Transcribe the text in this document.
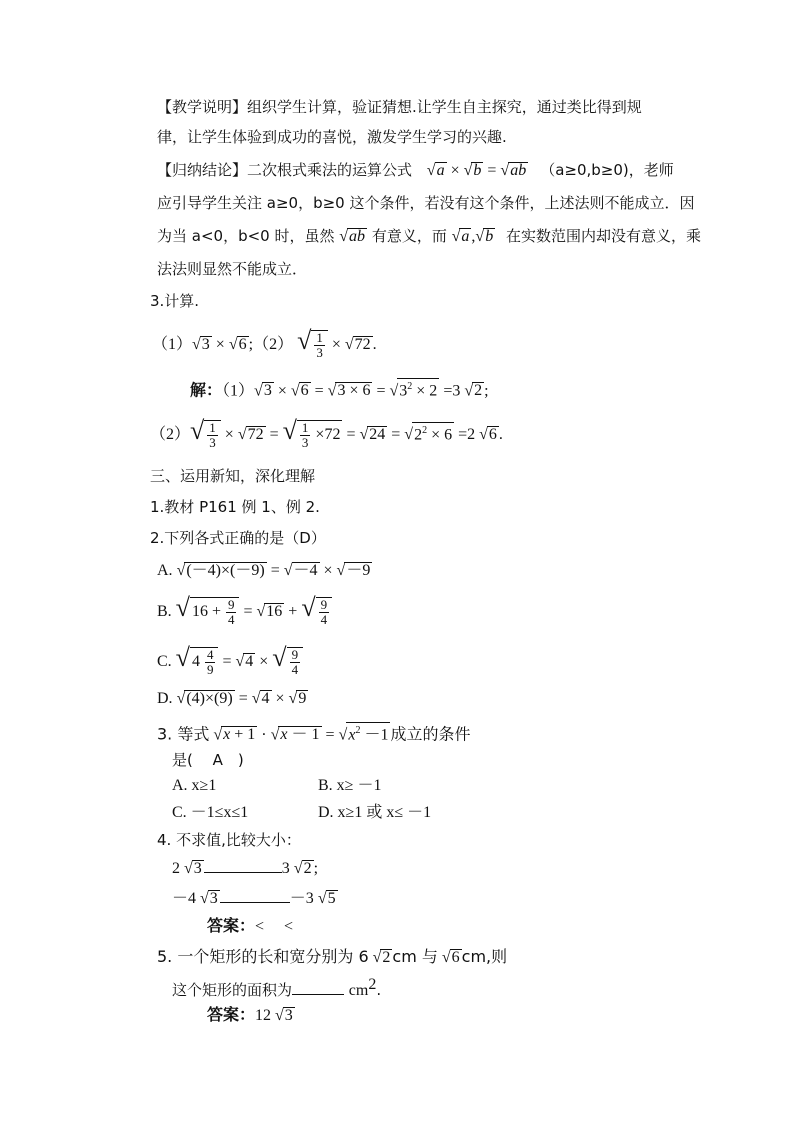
【教学说明】组织学生计算，验证猜想.让学生自主探究，通过类比得到规
律，让学生体验到成功的喜悦，激发学生学习的兴趣.
【归纳结论】二次根式乘法的运算公式 √a × √b = √ab （a≥0,b≥0)，老师
应引导学生关注 a≥0，b≥0 这个条件，若没有这个条件，上述法则不能成立．因
为当 a<0，b<0 时，虽然 √ab 有意义，而 √a ,√b 在实数范围内却没有意义，乘
法法则显然不能成立．
3.计算.
（1）√3 × √6 ;（2） √ $\frac{1}{3} \times √72$ .
解：$(1)√3 \times √6 = √3 \times 6 = √3^2 \times 2 =3$ √2 ;
$(2)√ \frac{1}{3} \times √72$ = √ $\frac{1}{3} \times 72 = √24 = √2^2 \times 6 =2$ √6 .
三、运用新知，深化理解
1.教材 P161 例 1、例 2.
2.下列各式正确的是（D）
A. √(－4)×(－9) = √－4 × √－9
B. √ $16 + \frac{9}{4} = √16$ + √ $\frac{9}{4}$
C. √ $4 \frac{4}{9} = √4$ × √ $\frac{9}{4}$
D. √(4)×(9) = √4 × √9
3. 等式 $√x + 1 \cdot √x - 1 = √x^2 -1$ 成立的条件
是(　 A　)
A. x≥1	B. x≥ －1
C. －1≤x≤1	D. x≥1 或 x≤ －1
4. 不求值,比较大小：
2 √3	3 √2 ;
－4 √3	－3 √5
答案：<　 <
5. 一个矩形的长和宽分别为 6 √2 cm 与 √6 cm,则
这个矩形的面积为	$cm^2$.
答案：12 √3
